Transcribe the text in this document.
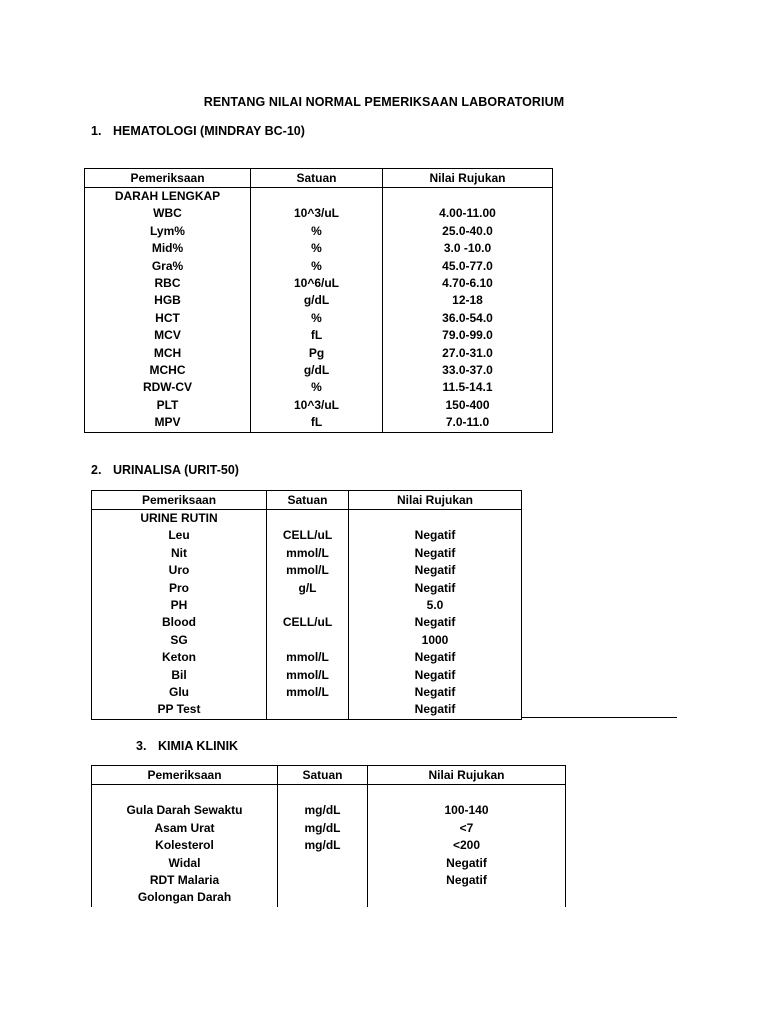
RENTANG NILAI NORMAL PEMERIKSAAN LABORATORIUM
1. HEMATOLOGI (MINDRAY BC-10)
Pemeriksaan	Satuan	Nilai Rujukan
DARAH LENGKAP		
WBC	10^3/uL	4.00-11.00
Lym%	%	25.0-40.0
Mid%	%	3.0 -10.0
Gra%	%	45.0-77.0
RBC	10^6/uL	4.70-6.10
HGB	g/dL	12-18
HCT	%	36.0-54.0
MCV	fL	79.0-99.0
MCH	Pg	27.0-31.0
MCHC	g/dL	33.0-37.0
RDW-CV	%	11.5-14.1
PLT	10^3/uL	150-400
MPV	fL	7.0-11.0
2. URINALISA (URIT-50)
Pemeriksaan	Satuan	Nilai Rujukan
URINE RUTIN		
Leu	CELL/uL	Negatif
Nit	mmol/L	Negatif
Uro	mmol/L	Negatif
Pro	g/L	Negatif
PH		5.0
Blood	CELL/uL	Negatif
SG		1000
Keton	mmol/L	Negatif
Bil	mmol/L	Negatif
Glu	mmol/L	Negatif
PP Test		Negatif
3. KIMIA KLINIK
Pemeriksaan	Satuan	Nilai Rujukan

Gula Darah Sewaktu	mg/dL	100-140
Asam Urat	mg/dL	<7
Kolesterol	mg/dL	<200
Widal		Negatif
RDT Malaria		Negatif
Golongan Darah		
